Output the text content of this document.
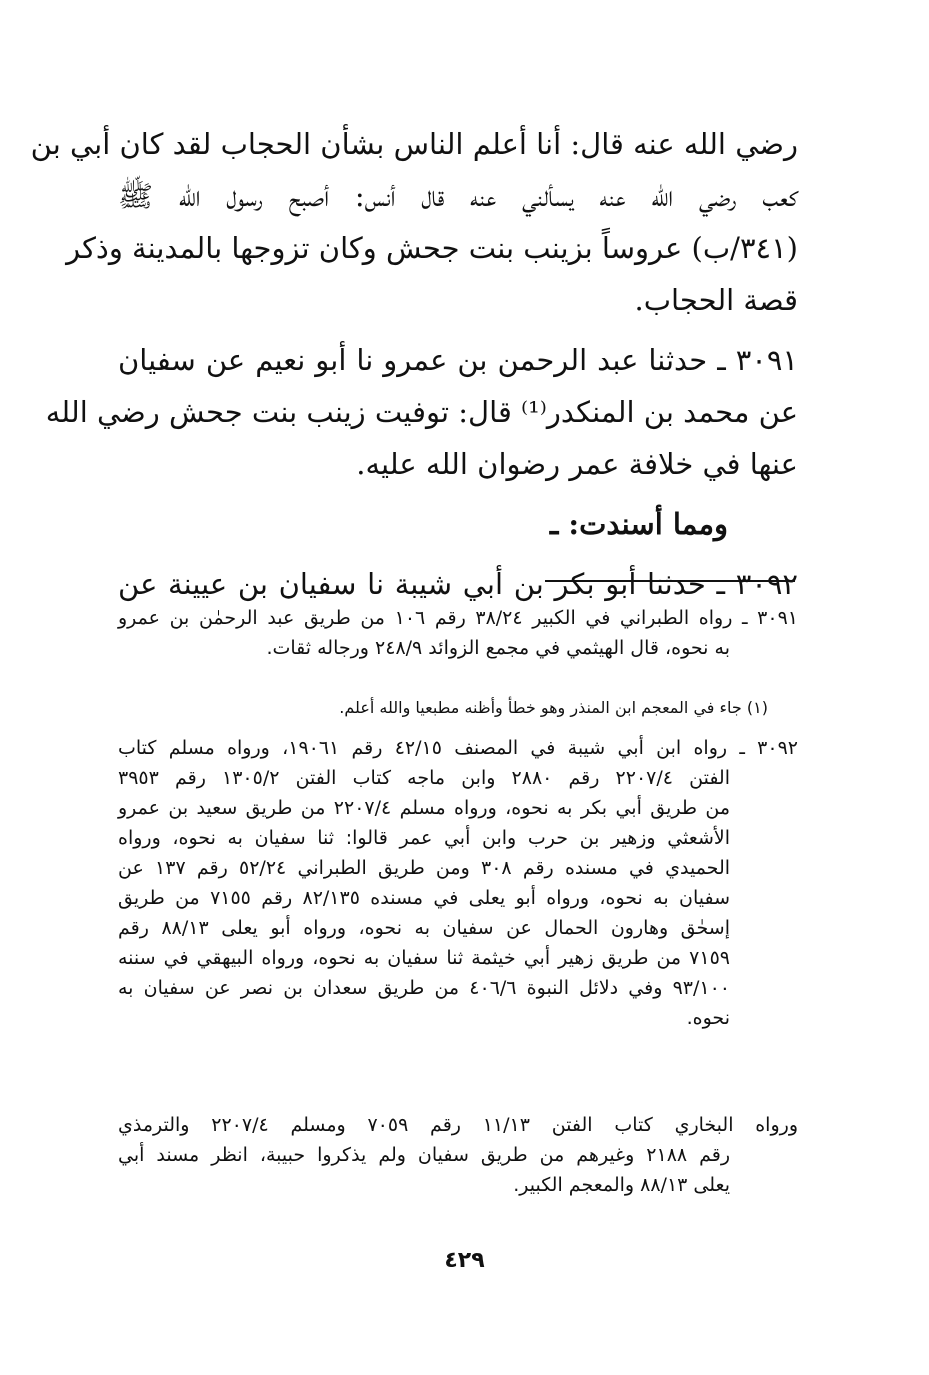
رضي الله عنه قال: أنا أعلم الناس بشأن الحجاب لقد كان أبي بن
كعب رضي الله عنه يسألني عنه قال أنس: أصبح رسول الله ﷺ
(٣٤١/ب) عروساً بزينب بنت جحش وكان تزوجها بالمدينة وذكر
قصة الحجاب.
٣٠٩١ ـ حدثنا عبد الرحمن بن عمرو نا أبو نعيم عن سفيان
عن محمد بن المنكدر⁽¹⁾ قال: توفيت زينب بنت جحش رضي الله
عنها في خلافة عمر رضوان الله عليه.
ومما أسندت: ـ
٣٠٩٢ ـ حدثنا أبو بكر بن أبي شيبة نا سفيان بن عيينة عن
٣٠٩١ ـ رواه الطبراني في الكبير ٣٨/٢٤ رقم ١٠٦ من طريق عبد الرحمٰن بن عمرو
به نحوه، قال الهيثمي في مجمع الزوائد ٢٤٨/٩ ورجاله ثقات.
(١) جاء في المعجم ابن المنذر وهو خطأ وأظنه مطبعيا والله أعلم.
٣٠٩٢ ـ رواه ابن أبي شيبة في المصنف ٤٢/١٥ رقم ١٩٠٦١، ورواه مسلم كتاب
الفتن ٢٢٠٧/٤ رقم ٢٨٨٠ وابن ماجه كتاب الفتن ١٣٠٥/٢ رقم ٣٩٥٣
من طريق أبي بكر به نحوه، ورواه مسلم ٢٢٠٧/٤ من طريق سعيد بن عمرو
الأشعثي وزهير بن حرب وابن أبي عمر قالوا: ثنا سفيان به نحوه، ورواه
الحميدي في مسنده رقم ٣٠٨ ومن طريق الطبراني ٥٢/٢٤ رقم ١٣٧ عن
سفيان به نحوه، ورواه أبو يعلى في مسنده ٨٢/١٣٥ رقم ٧١٥٥ من طريق
إسحٰق وهارون الحمال عن سفيان به نحوه، ورواه أبو يعلى ٨٨/١٣ رقم
٧١٥٩ من طريق زهير أبي خيثمة ثنا سفيان به نحوه، ورواه البيهقي في سننه
٩٣/١٠٠ وفي دلائل النبوة ٤٠٦/٦ من طريق سعدان بن نصر عن سفيان به
نحوه.
ورواه البخاري كتاب الفتن ١١/١٣ رقم ٧٠٥٩ ومسلم ٢٢٠٧/٤ والترمذي
رقم ٢١٨٨ وغيرهم من طريق سفيان ولم يذكروا حبيبة، انظر مسند أبي
يعلى ٨٨/١٣ والمعجم الكبير.
٤٢٩
